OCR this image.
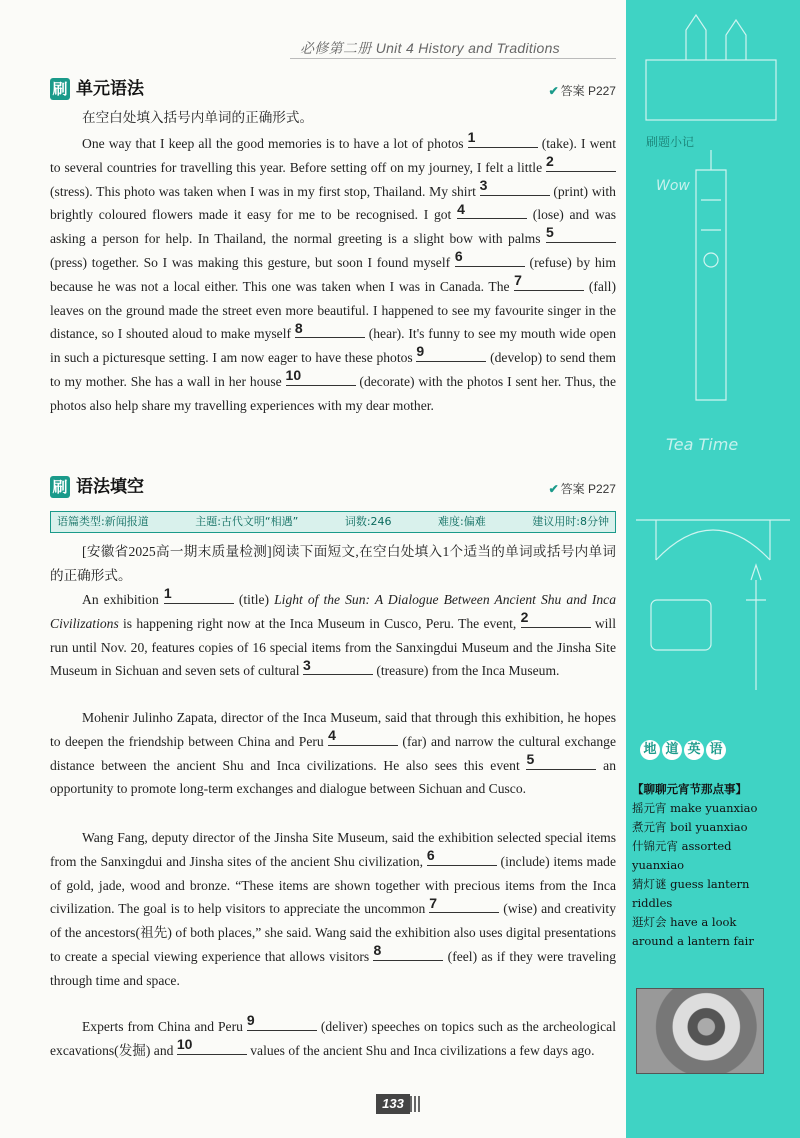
必修第二册 Unit 4 History and Traditions
刷 单元语法	✔ 答案 P227
在空白处填入括号内单词的正确形式。
One way that I keep all the good memories is to have a lot of photos 1	(take). I went to several countries for travelling this year. Before setting off on my journey, I felt a little 2
(stress). This photo was taken when I was in my first stop, Thailand. My shirt 3	(print) with brightly coloured flowers made it easy for me to be recognised. I got 4	(lose) and was asking a person for help. In Thailand, the normal greeting is a slight bow with palms 5
(press) together. So I was making this gesture, but soon I found myself 6	(refuse) by him because he was not a local either. This one was taken when I was in Canada. The 7	(fall) leaves on the ground made the street even more beautiful. I happened to see my favourite singer in the distance, so I shouted aloud to make myself 8	(hear). It's funny to see my mouth wide open in such a picturesque setting. I am now eager to have these photos 9	(develop) to send them to my mother. She has a wall in her house 10	(decorate) with the photos I sent her. Thus, the photos also help share my travelling experiences with my dear mother.
刷 语法填空	✔ 答案 P227
语篇类型:新闻报道	主题:古代文明“相遇”	词数:246	难度:偏难	建议用时:8分钟
[安徽省2025高一期末质量检测]阅读下面短文,在空白处填入1个适当的单词或括号内单词的正确形式。
An exhibition 1	(title) Light of the Sun: A Dialogue Between Ancient Shu and Inca Civilizations is happening right now at the Inca Museum in Cusco, Peru. The event, 2	will run until Nov. 20, features copies of 16 special items from the Sanxingdui Museum and the Jinsha Site Museum in Sichuan and seven sets of cultural 3	(treasure) from the Inca Museum.
Mohenir Julinho Zapata, director of the Inca Museum, said that through this exhibition, he hopes to deepen the friendship between China and Peru 4	(far) and narrow the cultural exchange distance between the ancient Shu and Inca civilizations. He also sees this event 5	an opportunity to promote long-term exchanges and dialogue between Sichuan and Cusco.
Wang Fang, deputy director of the Jinsha Site Museum, said the exhibition selected special items from the Sanxingdui and Jinsha sites of the ancient Shu civilization, 6	(include) items made of gold, jade, wood and bronze. “These items are shown together with precious items from the Inca civilization. The goal is to help visitors to appreciate the uncommon 7	(wise) and creativity of the ancestors(祖先) of both places,” she said. Wang said the exhibition also uses digital presentations to create a special viewing experience that allows visitors 8	(feel) as if they were traveling through time and space.
Experts from China and Peru 9	(deliver) speeches on topics such as the archeological excavations(发掘) and 10	values of the ancient Shu and Inca civilizations a few days ago.
133
Wow
Tea Time
刷题小记
地 道 英 语
【聊聊元宵节那点事】
摇元宵 make yuanxiao
煮元宵 boil yuanxiao
什锦元宵 assorted yuanxiao
猜灯谜 guess lantern riddles
逛灯会 have a look around a lantern fair
